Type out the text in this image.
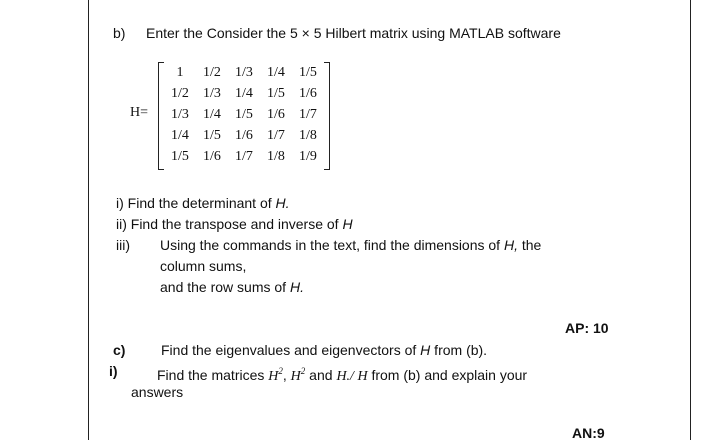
b) Enter the Consider the 5 × 5 Hilbert matrix using MATLAB software
H=
1	1/2	1/3	1/4	1/5
1/2	1/3	1/4	1/5	1/6
1/3	1/4	1/5	1/6	1/7
1/4	1/5	1/6	1/7	1/8
1/5	1/6	1/7	1/8	1/9
i) Find the determinant of H.
ii) Find the transpose and inverse of H
iii) Using the commands in the text, find the dimensions of H, the
column sums,
and the row sums of H.
AP: 10
c)	Find the eigenvalues and eigenvectors of H from (b).
i)	Find the matrices $H^2$, $H^2$ and H./ H from (b) and explain your
answers
AN:9
